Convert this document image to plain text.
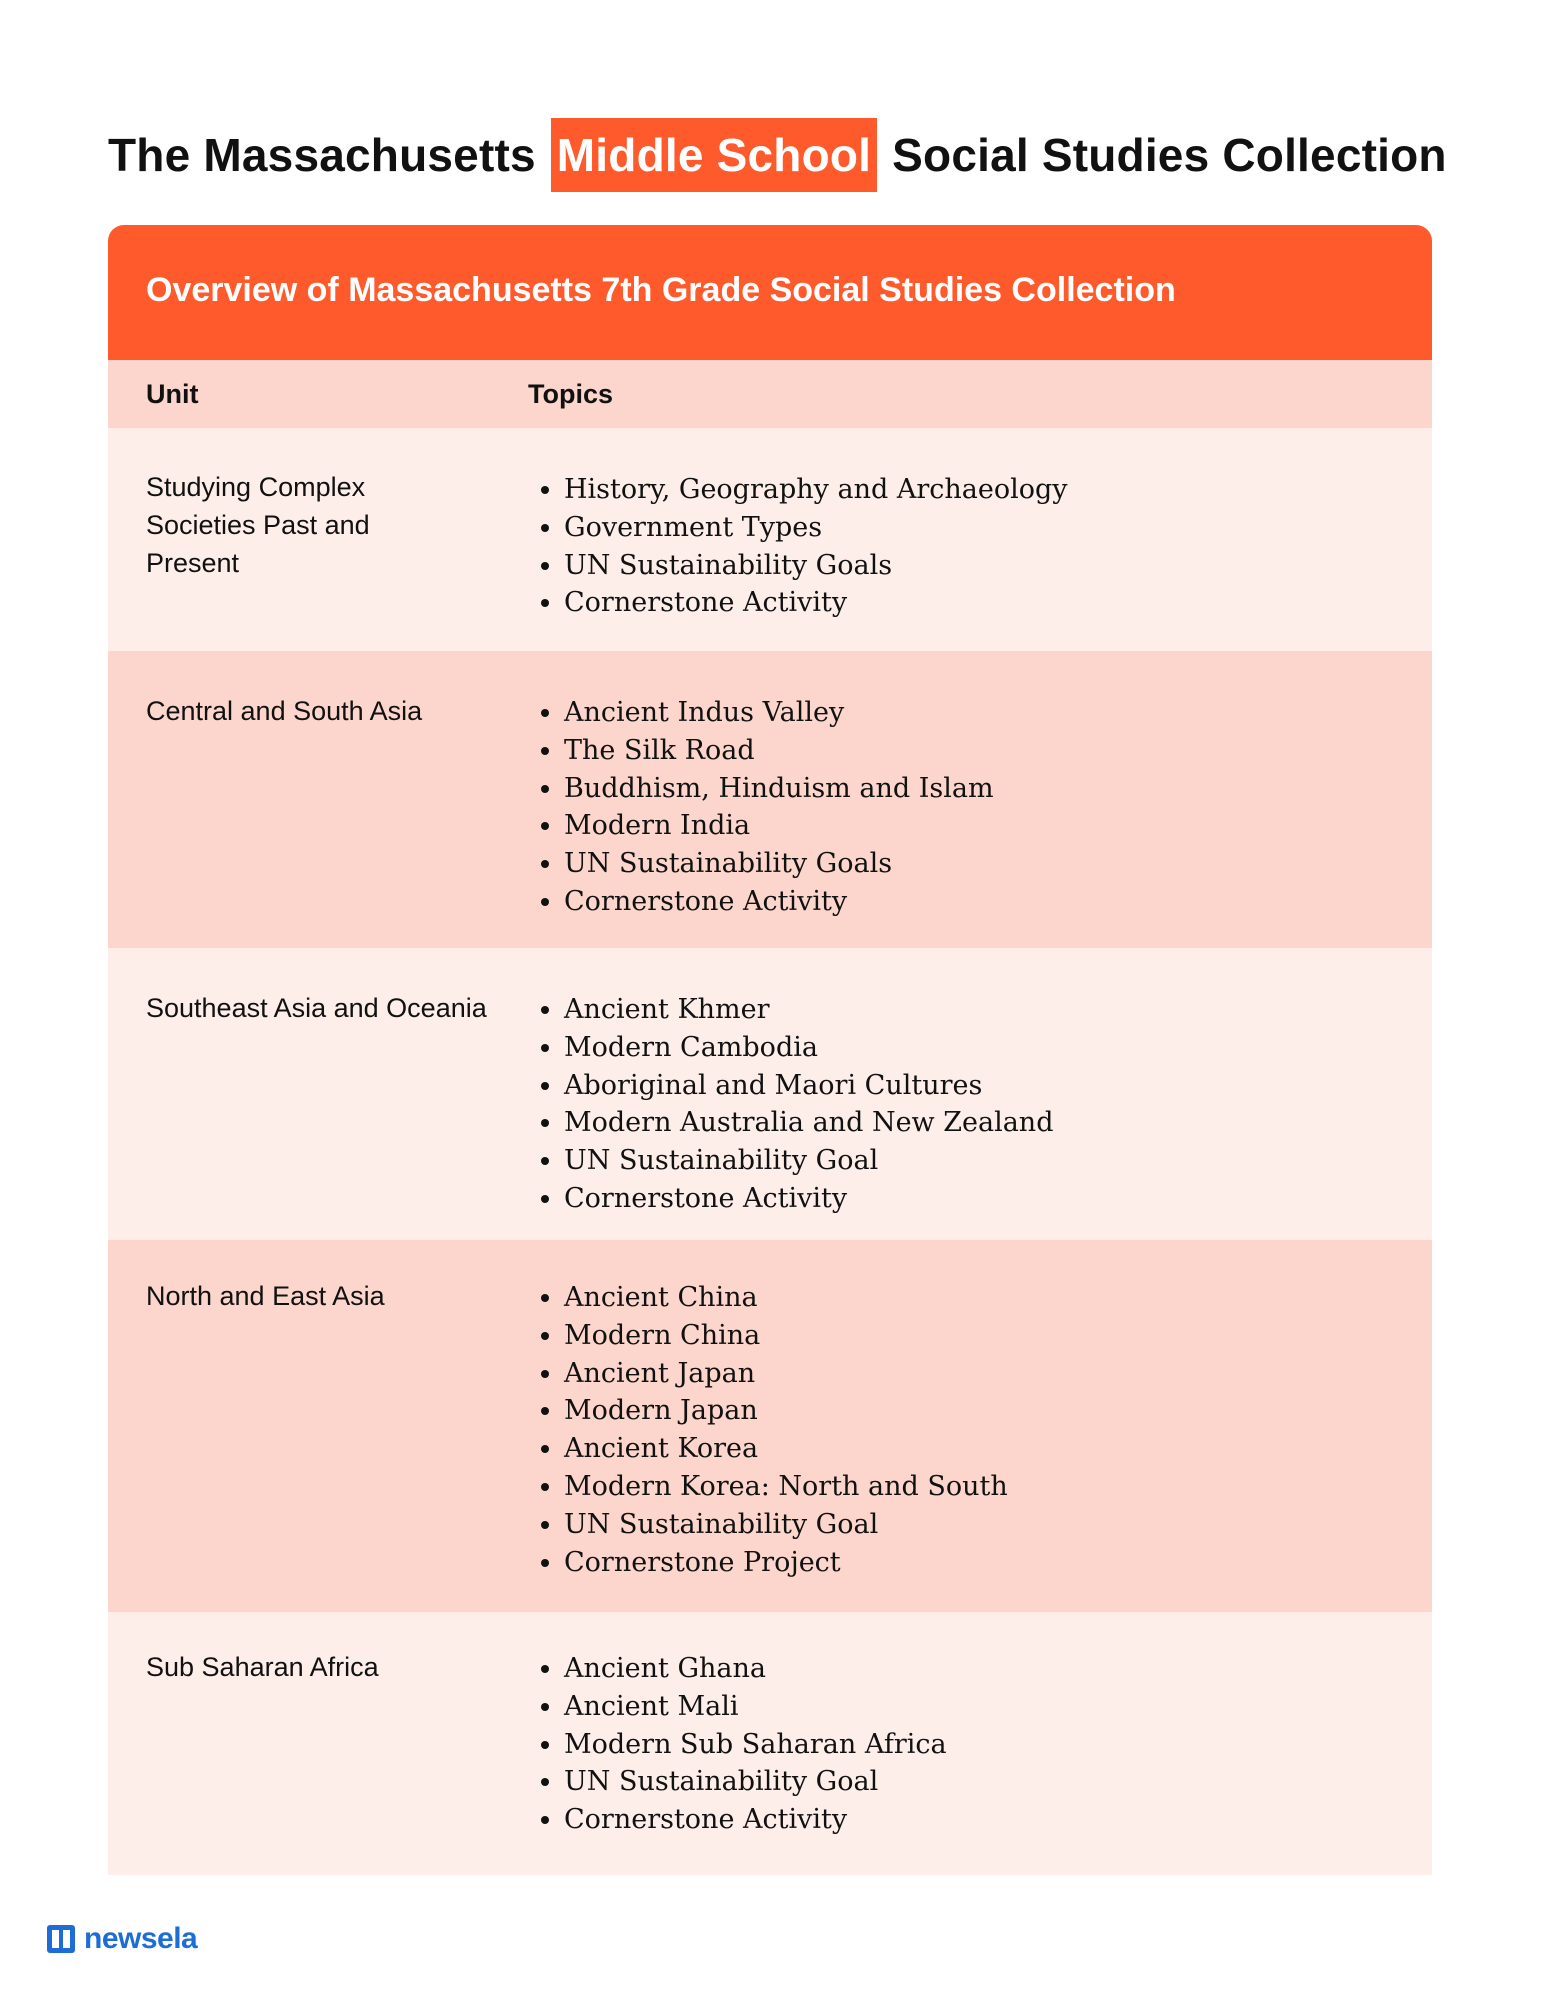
The Massachusetts Middle School Social Studies Collection
Overview of Massachusetts 7th Grade Social Studies Collection
Unit	Topics
Studying Complex Societies Past and Present
• History, Geography and Archaeology
• Government Types
• UN Sustainability Goals
• Cornerstone Activity
Central and South Asia	• Ancient Indus Valley
• The Silk Road
• Buddhism, Hinduism and Islam
• Modern India
• UN Sustainability Goals
• Cornerstone Activity
Southeast Asia and Oceania	• Ancient Khmer
• Modern Cambodia
• Aboriginal and Maori Cultures
• Modern Australia and New Zealand
• UN Sustainability Goal
• Cornerstone Activity
North and East Asia	• Ancient China
• Modern China
• Ancient Japan
• Modern Japan
• Ancient Korea
• Modern Korea: North and South
• UN Sustainability Goal
• Cornerstone Project
Sub Saharan Africa	• Ancient Ghana
• Ancient Mali
• Modern Sub Saharan Africa
• UN Sustainability Goal
• Cornerstone Activity
newsela
